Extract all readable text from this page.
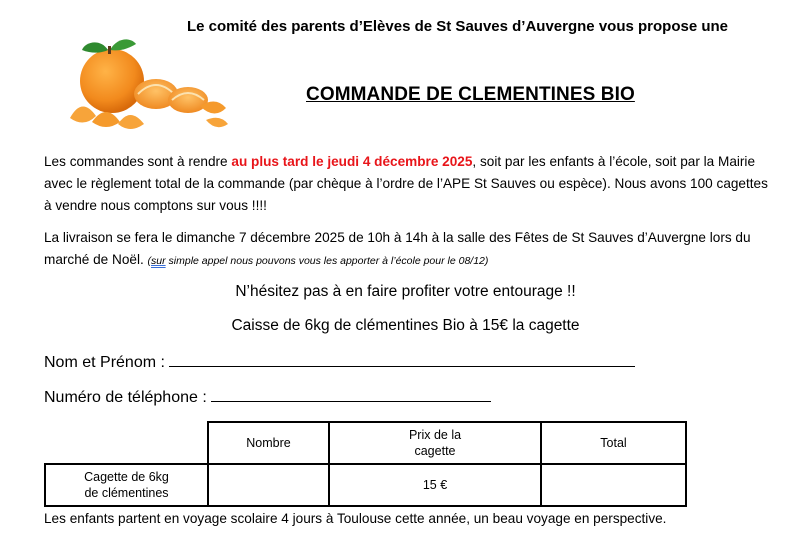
Le comité des parents d’Elèves de St Sauves d’Auvergne vous propose une
COMMANDE DE CLEMENTINES BIO
Les commandes sont à rendre au plus tard le jeudi 4 décembre 2025, soit par les enfants à l’école, soit par la Mairie avec le règlement total de la commande (par chèque à l’ordre de l’APE St Sauves ou espèce). Nous avons 100 cagettes à vendre nous comptons sur vous !!!!
La livraison se fera le dimanche 7 décembre 2025 de 10h à 14h à la salle des Fêtes de St Sauves d’Auvergne lors du marché de Noël. (sur simple appel nous pouvons vous les apporter à l’école pour le 08/12)
N’hésitez pas à en faire profiter votre entourage !!
Caisse de 6kg de clémentines Bio à 15€ la cagette
Nom et Prénom :
Numéro de téléphone :
	Nombre	Prix de la cagette	Total
Cagette de 6kg de clémentines		15 €	
Les enfants partent en voyage scolaire 4 jours à Toulouse cette année, un beau voyage en perspective.
